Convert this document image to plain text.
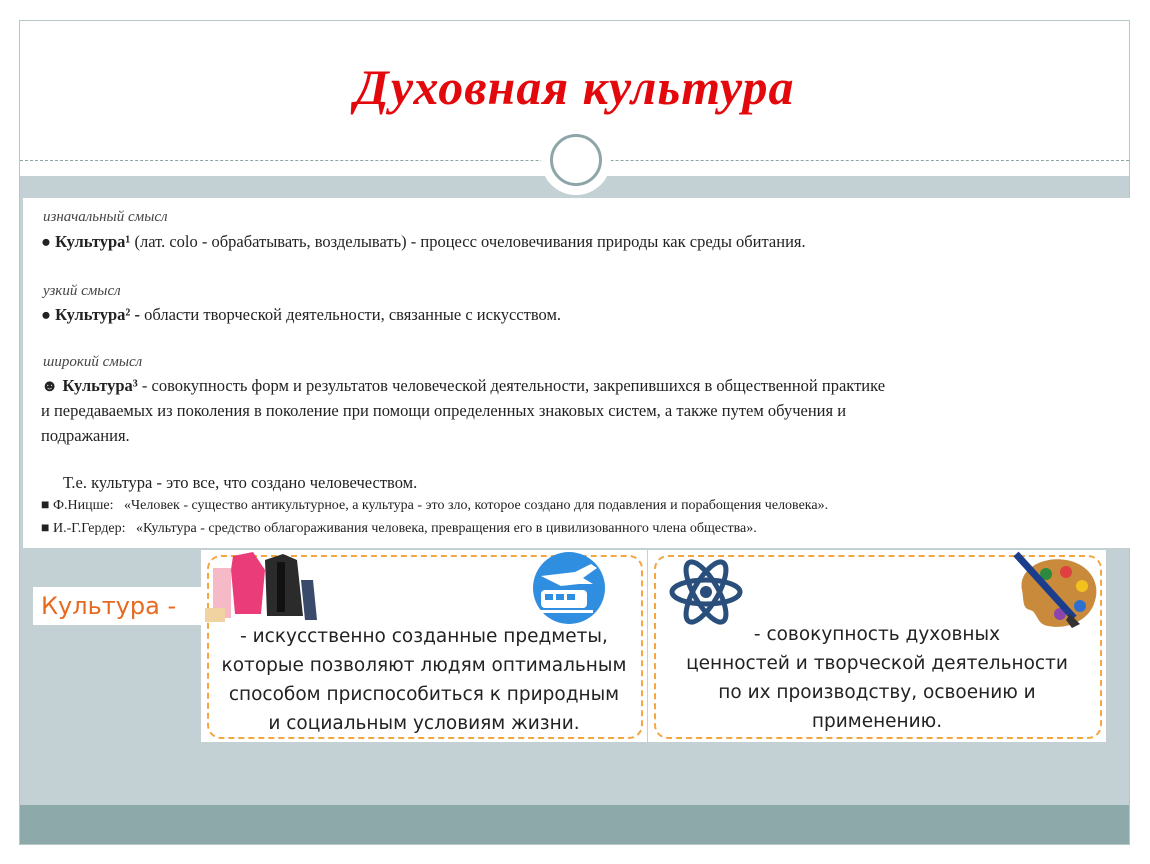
Духовная культура
изначальный смысл
● Культура¹ (лат. colo - обрабатывать, возделывать) - процесс очеловечивания природы как среды обитания.
узкий смысл
● Культура² - области творческой деятельности, связанные с искусством.
широкий смысл
☻ Культура³ - совокупность форм и результатов человеческой деятельности, закрепившихся в общественной практике
и передаваемых из поколения в поколение при помощи определенных знаковых систем, а также путем обучения и
подражания.
Т.е. культура - это все, что создано человечеством.
■ Ф.Ницше: «Человек - существо антикультурное, а культура - это зло, которое создано для подавления и порабощения человека».
■ И.-Г.Гердер: «Культура - средство облагораживания человека, превращения его в цивилизованного члена общества».
Культура -
- искусственно созданные предметы,
которые позволяют людям оптимальным
способом приспособиться к природным
и социальным условиям жизни.
- совокупность духовных
ценностей и творческой деятельности
по их производству, освоению и
применению.
